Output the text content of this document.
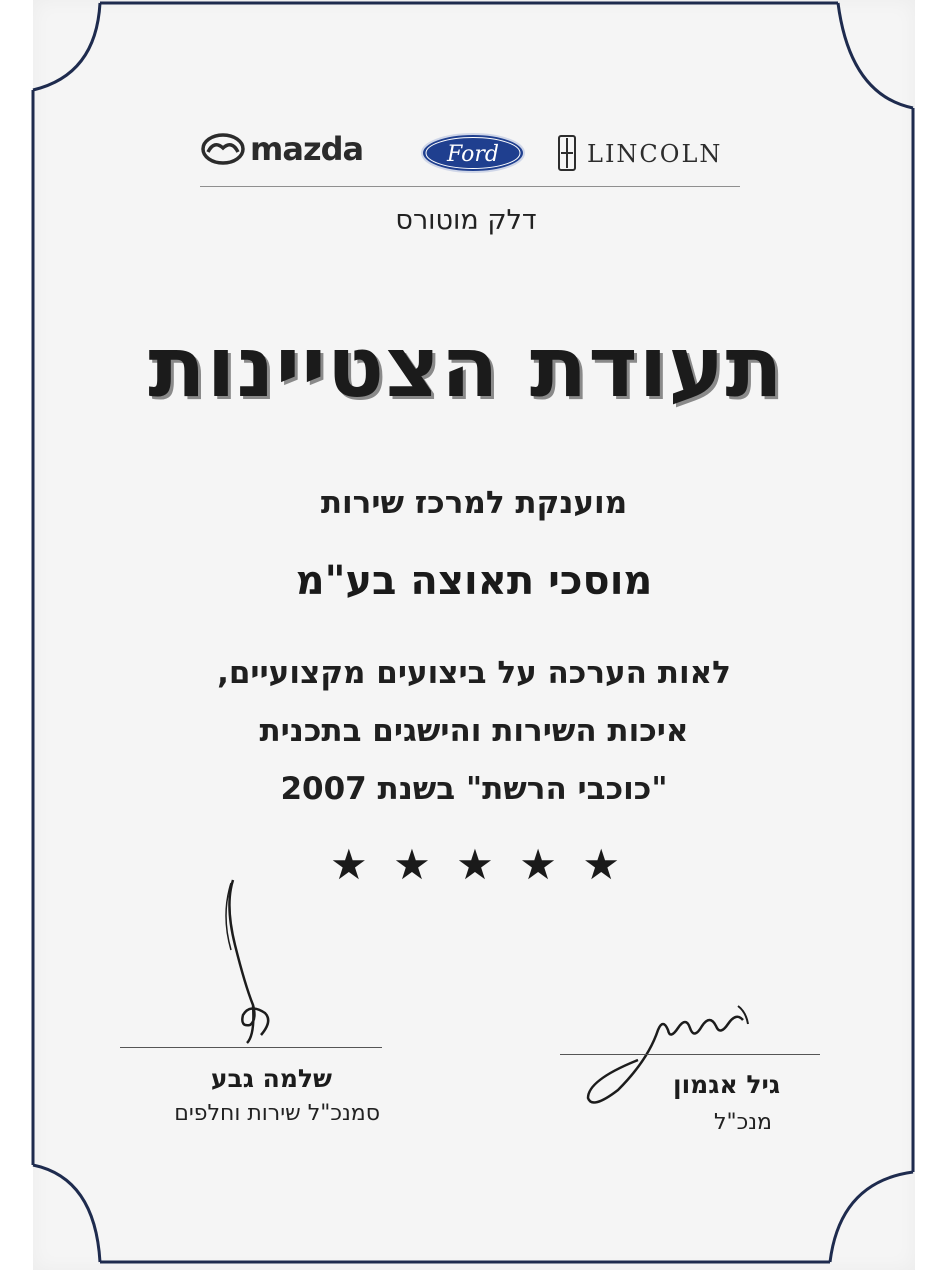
mazda	Ford	LINCOLN
דלק מוטורס
תעודת הצטיינות
מוענקת למרכז שירות
מוסכי תאוצה בע"מ
לאות הערכה על ביצועים מקצועיים,
איכות השירות והישגים בתכנית
"כוכבי הרשת" בשנת 2007
★ ★ ★ ★ ★
שלמה גבע
סמנכ"ל שירות וחלפים
גיל אגמון
מנכ"ל
